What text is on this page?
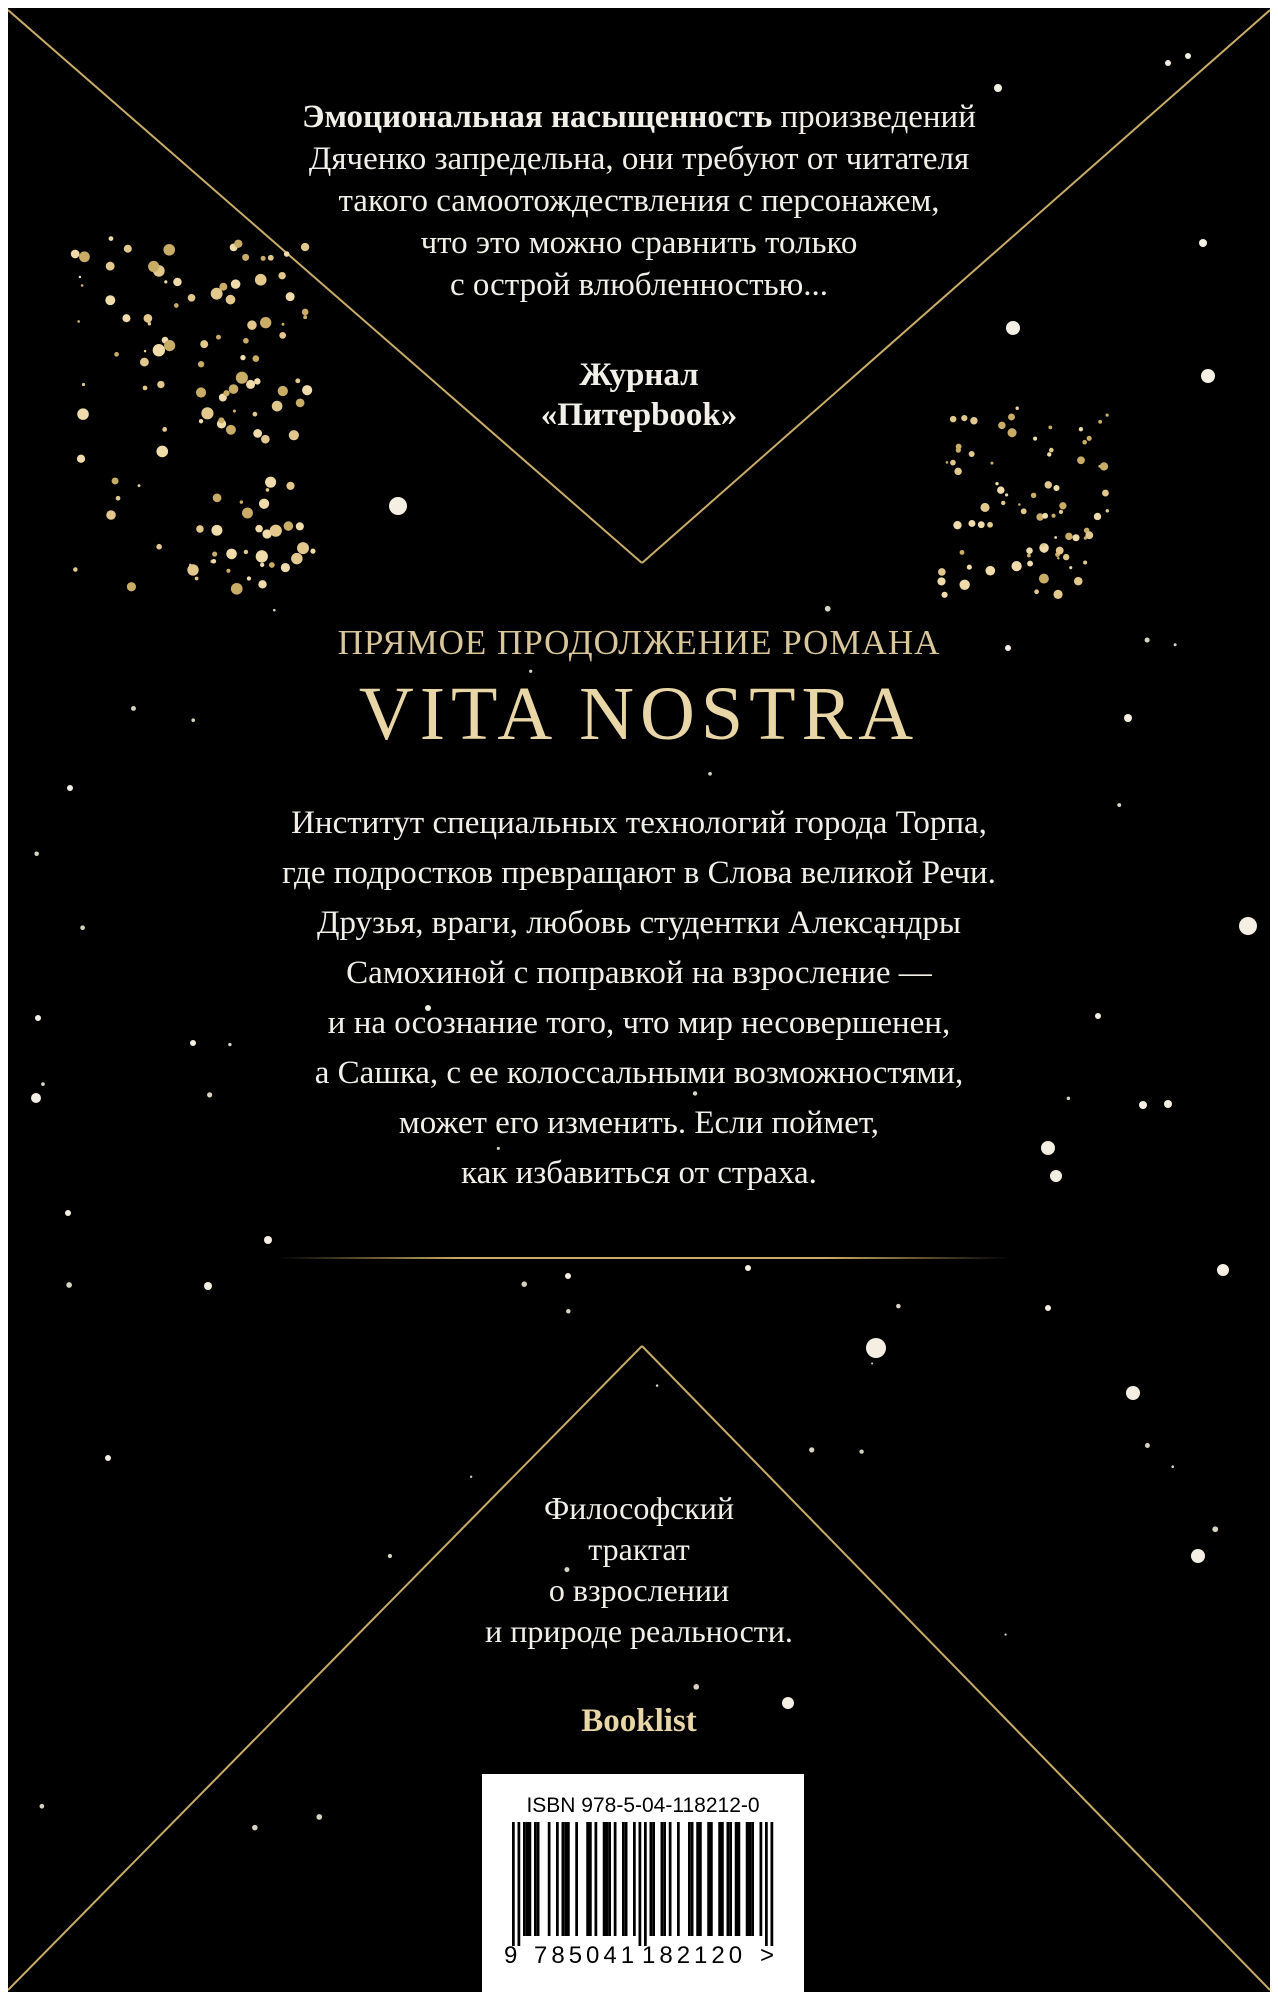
Эмоциональная насыщенность произведений
Дяченко запредельна, они требуют от читателя
такого самоотождествления с персонажем,
что это можно сравнить только
с острой влюбленностью...
Журнал
«Питерbook»
ПРЯМОЕ ПРОДОЛЖЕНИЕ РОМАНА
VITA NOSTRA
Институт специальных технологий города Торпа,
где подростков превращают в Слова великой Речи.
Друзья, враги, любовь студентки Александры
Самохиной с поправкой на взросление —
и на осознание того, что мир несовершенен,
а Сашка, с ее колоссальными возможностями,
может его изменить. Если поймет,
как избавиться от страха.
Философский
трактат
о взрослении
и природе реальности.
Booklist
ISBN 978-5-04-118212-0
9 785041 182120 >
